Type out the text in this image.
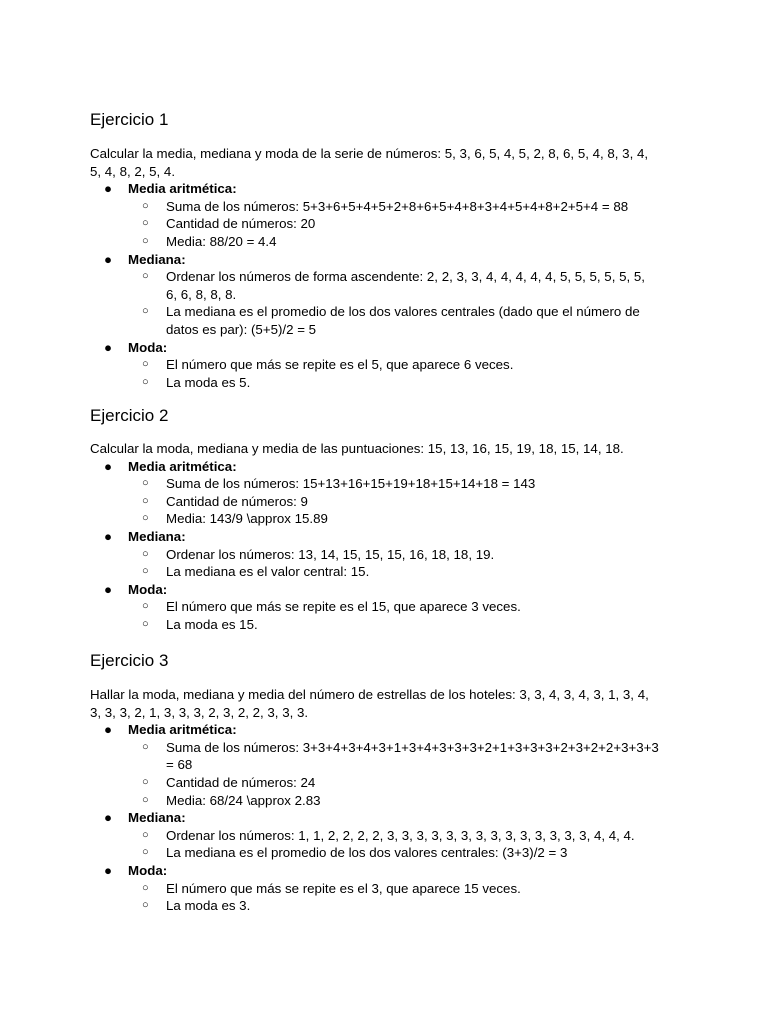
Ejercicio 1

Calcular la media, mediana y moda de la serie de números: 5, 3, 6, 5, 4, 5, 2, 8, 6, 5, 4, 8, 3, 4,
5, 4, 8, 2, 5, 4.

● Media aritmética:
○ Suma de los números: 5+3+6+5+4+5+2+8+6+5+4+8+3+4+5+4+8+2+5+4 = 88
○ Cantidad de números: 20
○ Media: 88/20 = 4.4
● Mediana:
○ Ordenar los números de forma ascendente: 2, 2, 3, 3, 4, 4, 4, 4, 4, 5, 5, 5, 5, 5, 5,
6, 6, 8, 8, 8.
○ La mediana es el promedio de los dos valores centrales (dado que el número de
datos es par): (5+5)/2 = 5
● Moda:
○ El número que más se repite es el 5, que aparece 6 veces.
○ La moda es 5.
Ejercicio 2

Calcular la moda, mediana y media de las puntuaciones: 15, 13, 16, 15, 19, 18, 15, 14, 18.

● Media aritmética:
○ Suma de los números: 15+13+16+15+19+18+15+14+18 = 143
○ Cantidad de números: 9
○ Media: 143/9 \approx 15.89
● Mediana:
○ Ordenar los números: 13, 14, 15, 15, 15, 16, 18, 18, 19.
○ La mediana es el valor central: 15.
● Moda:
○ El número que más se repite es el 15, que aparece 3 veces.
○ La moda es 15.
Ejercicio 3

Hallar la moda, mediana y media del número de estrellas de los hoteles: 3, 3, 4, 3, 4, 3, 1, 3, 4,
3, 3, 3, 2, 1, 3, 3, 3, 2, 3, 2, 2, 3, 3, 3.

● Media aritmética:
○ Suma de los números: 3+3+4+3+4+3+1+3+4+3+3+3+2+1+3+3+3+2+3+2+2+3+3+3
= 68
○ Cantidad de números: 24
○ Media: 68/24 \approx 2.83
● Mediana:
○ Ordenar los números: 1, 1, 2, 2, 2, 2, 3, 3, 3, 3, 3, 3, 3, 3, 3, 3, 3, 3, 3, 3, 4, 4, 4.
○ La mediana es el promedio de los dos valores centrales: (3+3)/2 = 3
● Moda:
○ El número que más se repite es el 3, que aparece 15 veces.
○ La moda es 3.
